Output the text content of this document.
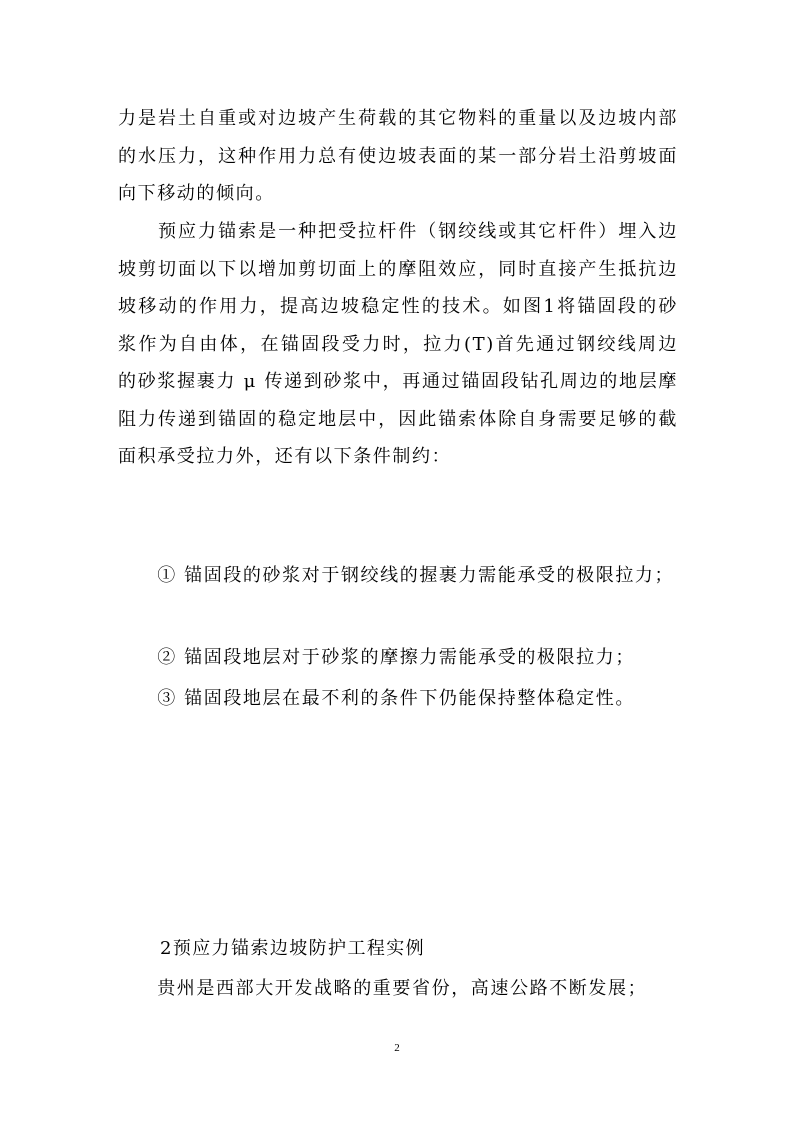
力是岩土自重或对边坡产生荷载的其它物料的重量以及边坡内部的水压力，这种作用力总有使边坡表面的某一部分岩土沿剪坡面向下移动的倾向。

　　预应力锚索是一种把受拉杆件（钢绞线或其它杆件）埋入边坡剪切面以下以增加剪切面上的摩阻效应，同时直接产生抵抗边坡移动的作用力，提高边坡稳定性的技术。如图1将锚固段的砂浆作为自由体，在锚固段受力时，拉力(T)首先通过钢绞线周边的砂浆握裹力 μ 传递到砂浆中，再通过锚固段钻孔周边的地层摩阻力传递到锚固的稳定地层中，因此锚索体除自身需要足够的截面积承受拉力外，还有以下条件制约：

　　① 锚固段的砂浆对于钢绞线的握裹力需能承受的极限拉力；

　　② 锚固段地层对于砂浆的摩擦力需能承受的极限拉力；

　　③ 锚固段地层在最不利的条件下仍能保持整体稳定性。

2预应力锚索边坡防护工程实例

　　贵州是西部大开发战略的重要省份，高速公路不断发展；

2
